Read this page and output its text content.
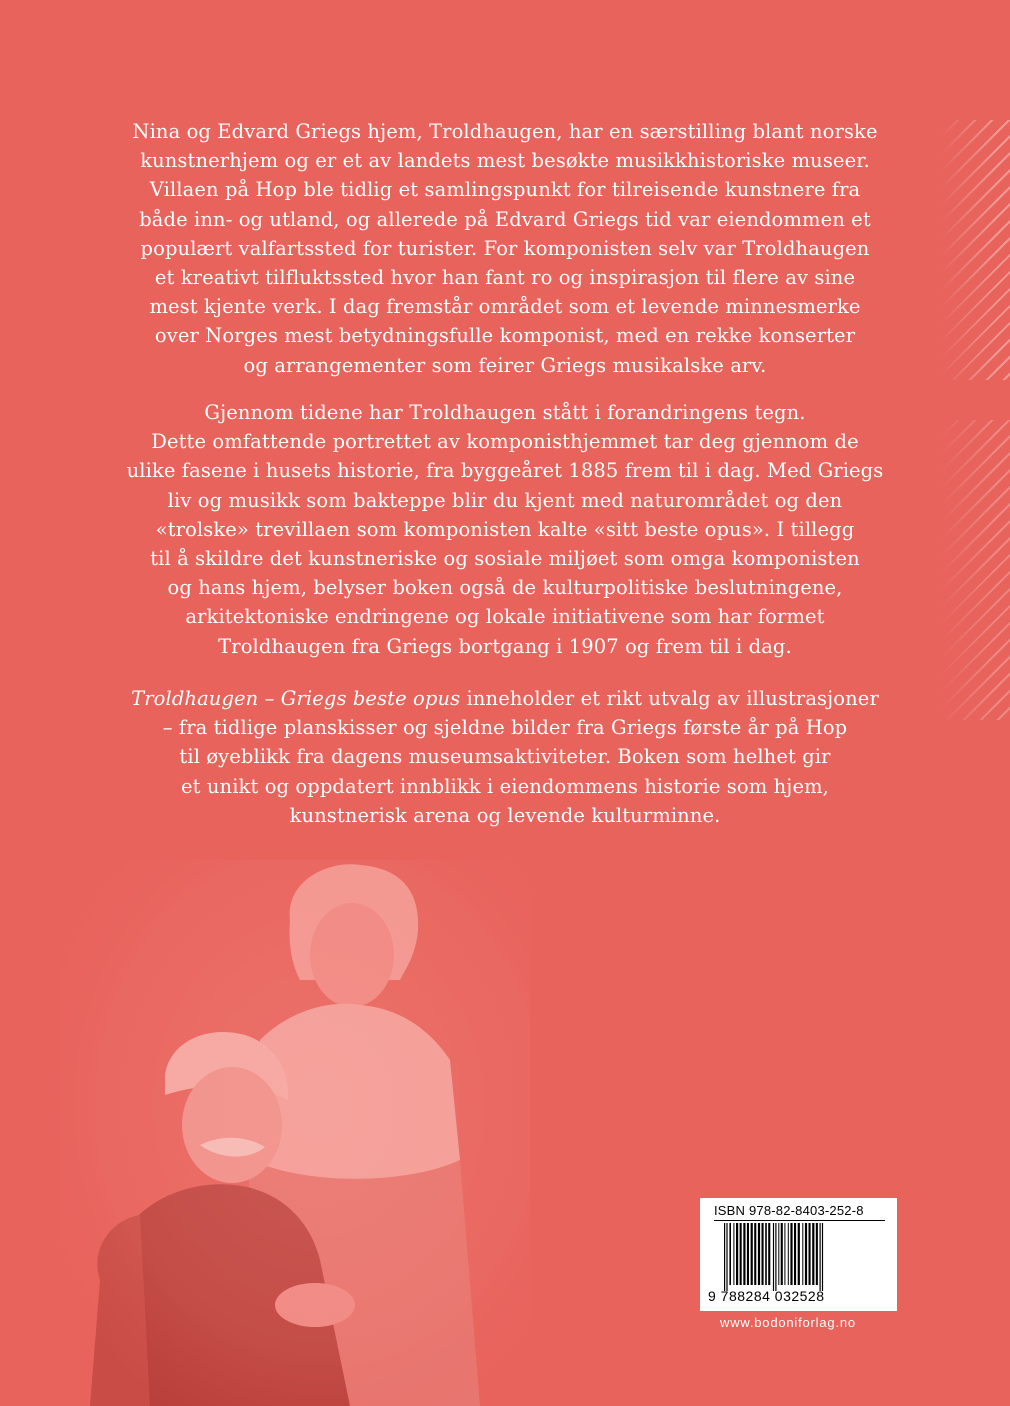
Nina og Edvard Griegs hjem, Troldhaugen, har en særstilling blant norske
kunstnerhjem og er et av landets mest besøkte musikkhistoriske museer.
Villaen på Hop ble tidlig et samlingspunkt for tilreisende kunstnere fra
både inn- og utland, og allerede på Edvard Griegs tid var eiendommen et
populært valfartssted for turister. For komponisten selv var Troldhaugen
et kreativt tilfluktssted hvor han fant ro og inspirasjon til flere av sine
mest kjente verk. I dag fremstår området som et levende minnesmerke
over Norges mest betydningsfulle komponist, med en rekke konserter
og arrangementer som feirer Griegs musikalske arv.
Gjennom tidene har Troldhaugen stått i forandringens tegn.
Dette omfattende portrettet av komponisthjemmet tar deg gjennom de
ulike fasene i husets historie, fra byggeåret 1885 frem til i dag. Med Griegs
liv og musikk som bakteppe blir du kjent med naturområdet og den
«trolske» trevillaen som komponisten kalte «sitt beste opus». I tillegg
til å skildre det kunstneriske og sosiale miljøet som omga komponisten
og hans hjem, belyser boken også de kulturpolitiske beslutningene,
arkitektoniske endringene og lokale initiativene som har formet
Troldhaugen fra Griegs bortgang i 1907 og frem til i dag.
Troldhaugen – Griegs beste opus inneholder et rikt utvalg av illustrasjoner
– fra tidlige planskisser og sjeldne bilder fra Griegs første år på Hop
til øyeblikk fra dagens museumsaktiviteter. Boken som helhet gir
et unikt og oppdatert innblikk i eiendommens historie som hjem,
kunstnerisk arena og levende kulturminne.
ISBN 978-82-8403-252-8
9 788284 032528
www.bodoniforlag.no
